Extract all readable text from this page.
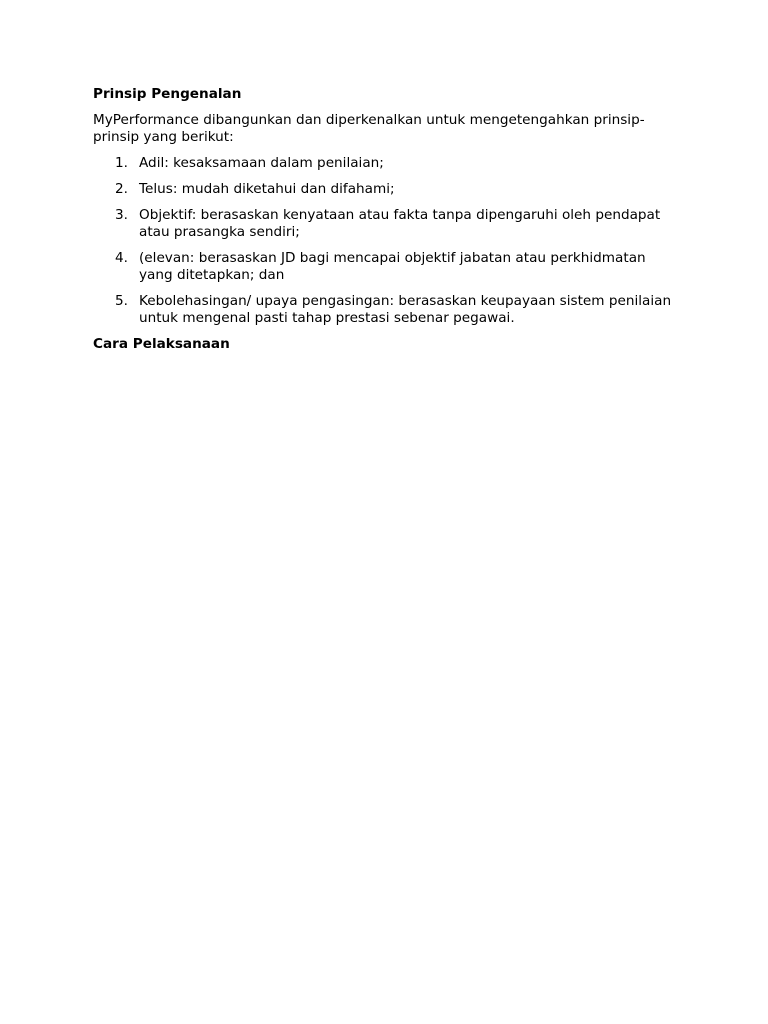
Prinsip Pengenalan

MyPerformance dibangunkan dan diperkenalkan untuk mengetengahkan prinsip-prinsip yang berikut:

1. Adil: kesaksamaan dalam penilaian;
2. Telus: mudah diketahui dan difahami;
3. Objektif: berasaskan kenyataan atau fakta tanpa dipengaruhi oleh pendapat atau prasangka sendiri;
4. (elevan: berasaskan JD bagi mencapai objektif jabatan atau perkhidmatan yang ditetapkan; dan
5. Kebolehasingan/ upaya pengasingan: berasaskan keupayaan sistem penilaian untuk mengenal pasti tahap prestasi sebenar pegawai.

Cara Pelaksanaan
